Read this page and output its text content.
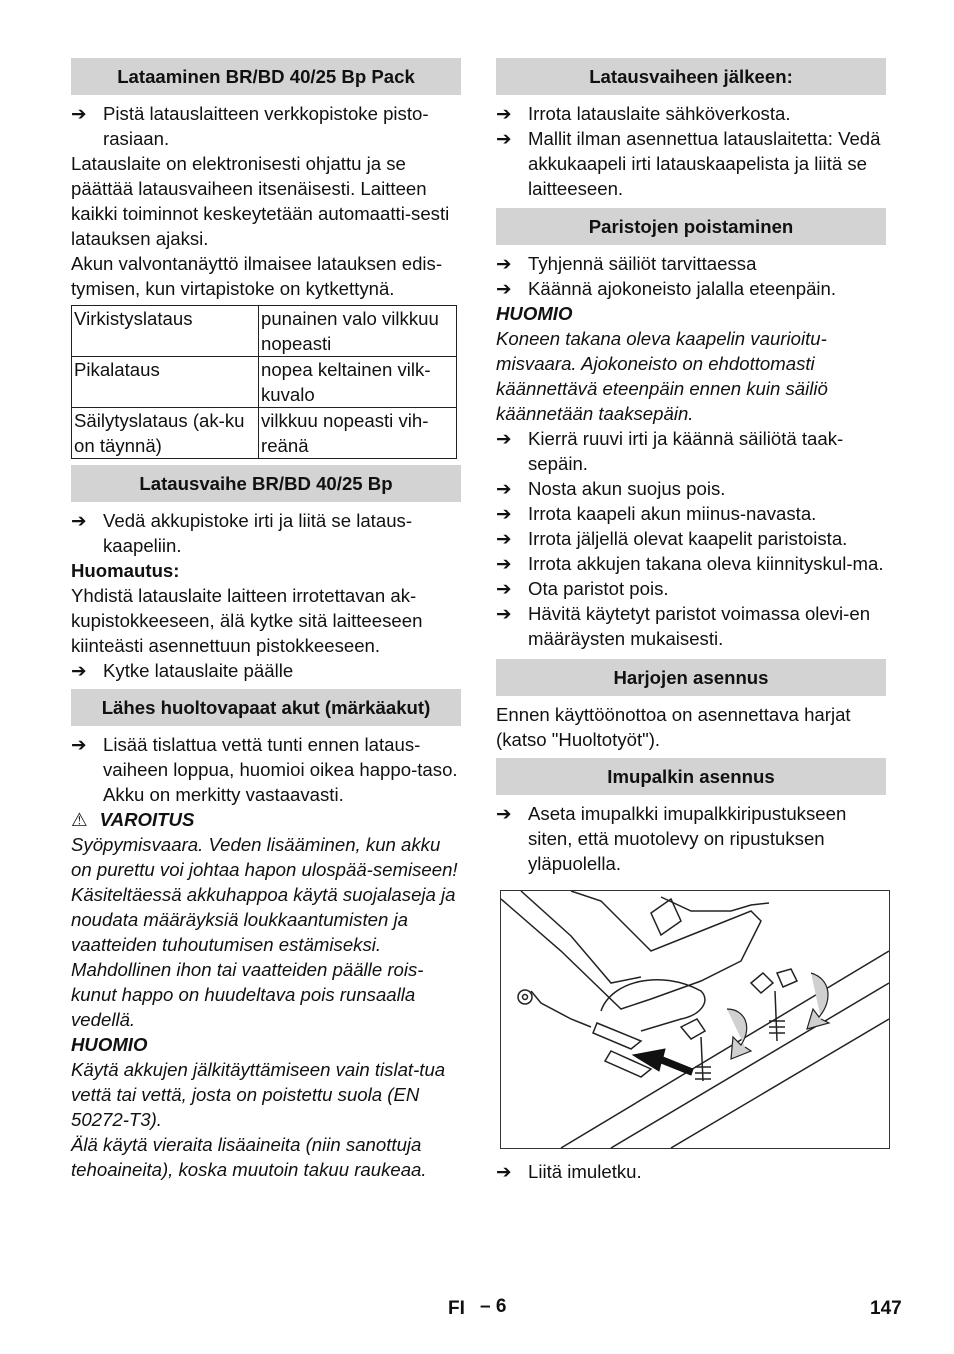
Lataaminen BR/BD 40/25 Bp Pack
➔ Pistä latauslaitteen verkkopistoke pisto- rasiaan.

Latauslaite on elektronisesti ohjattu ja se päättää latausvaiheen itsenäisesti. Laitteen kaikki toiminnot keskeytetään automaatti-sesti latauksen ajaksi.

Akun valvontanäyttö ilmaisee latauksen edis-tymisen, kun virtapistoke on kytkettynä.

Virkistyslataus	punainen valo vilkkuu nopeasti
Pikalataus	nopea keltainen vilk-kuvalo
Säilytyslataus (ak-ku on täynnä)	vilkkuu nopeasti vih-reänä
Latausvaihe BR/BD 40/25 Bp
➔ Vedä akkupistoke irti ja liitä se lataus-kaapeliin.

Huomautus:

Yhdistä latauslaite laitteen irrotettavan ak-kupistokkeeseen, älä kytke sitä laitteeseen kiinteästi asennettuun pistokkeeseen.

➔ Kytke latauslaite päälle
Lähes huoltovapaat akut (märkäakut)
➔ Lisää tislattua vettä tunti ennen lataus-vaiheen loppua, huomioi oikea happo-taso. Akku on merkitty vastaavasti.

⚠ VAROITUS

Syöpymisvaara. Veden lisääminen, kun akku on purettu voi johtaa hapon ulospää-semiseen!

Käsiteltäessä akkuhappoa käytä suojalaseja ja noudata määräyksiä loukkaantumisten ja vaatteiden tuhoutumisen estämiseksi.

Mahdollinen ihon tai vaatteiden päälle rois-kunut happo on huudeltava pois runsaalla vedellä.

HUOMIO

Käytä akkujen jälkitäyttämiseen vain tislat-tua vettä tai vettä, josta on poistettu suola (EN 50272-T3).

Älä käytä vieraita lisäaineita (niin sanottuja tehoaineita), koska muutoin takuu raukeaa.

Latausvaiheen jälkeen:
➔ Irrota latauslaite sähköverkosta.
➔ Mallit ilman asennettua latauslaitetta: Vedä akkukaapeli irti latauskaapelista ja liitä se laitteeseen.
Paristojen poistaminen
➔ Tyhjennä säiliöt tarvittaessa
➔ Käännä ajokoneisto jalalla eteenpäin.

HUOMIO

Koneen takana oleva kaapelin vaurioitu-misvaara. Ajokoneisto on ehdottomasti käännettävä eteenpäin ennen kuin säiliö käännetään taaksepäin.

➔ Kierrä ruuvi irti ja käännä säiliötä taak-sepäin.
➔ Nosta akun suojus pois.
➔ Irrota kaapeli akun miinus-navasta.
➔ Irrota jäljellä olevat kaapelit paristoista.
➔ Irrota akkujen takana oleva kiinnityskul-ma.
➔ Ota paristot pois.
➔ Hävitä käytetyt paristot voimassa olevi-en määräysten mukaisesti.
Harjojen asennus

Ennen käyttöönottoa on asennettava harjat (katso "Huoltotyöt").

Imupalkin asennus
➔ Aseta imupalkki imupalkkiripustukseen siten, että muotolevy on ripustuksen yläpuolella.
➔ Liitä imuletku.
FI – 6	147
